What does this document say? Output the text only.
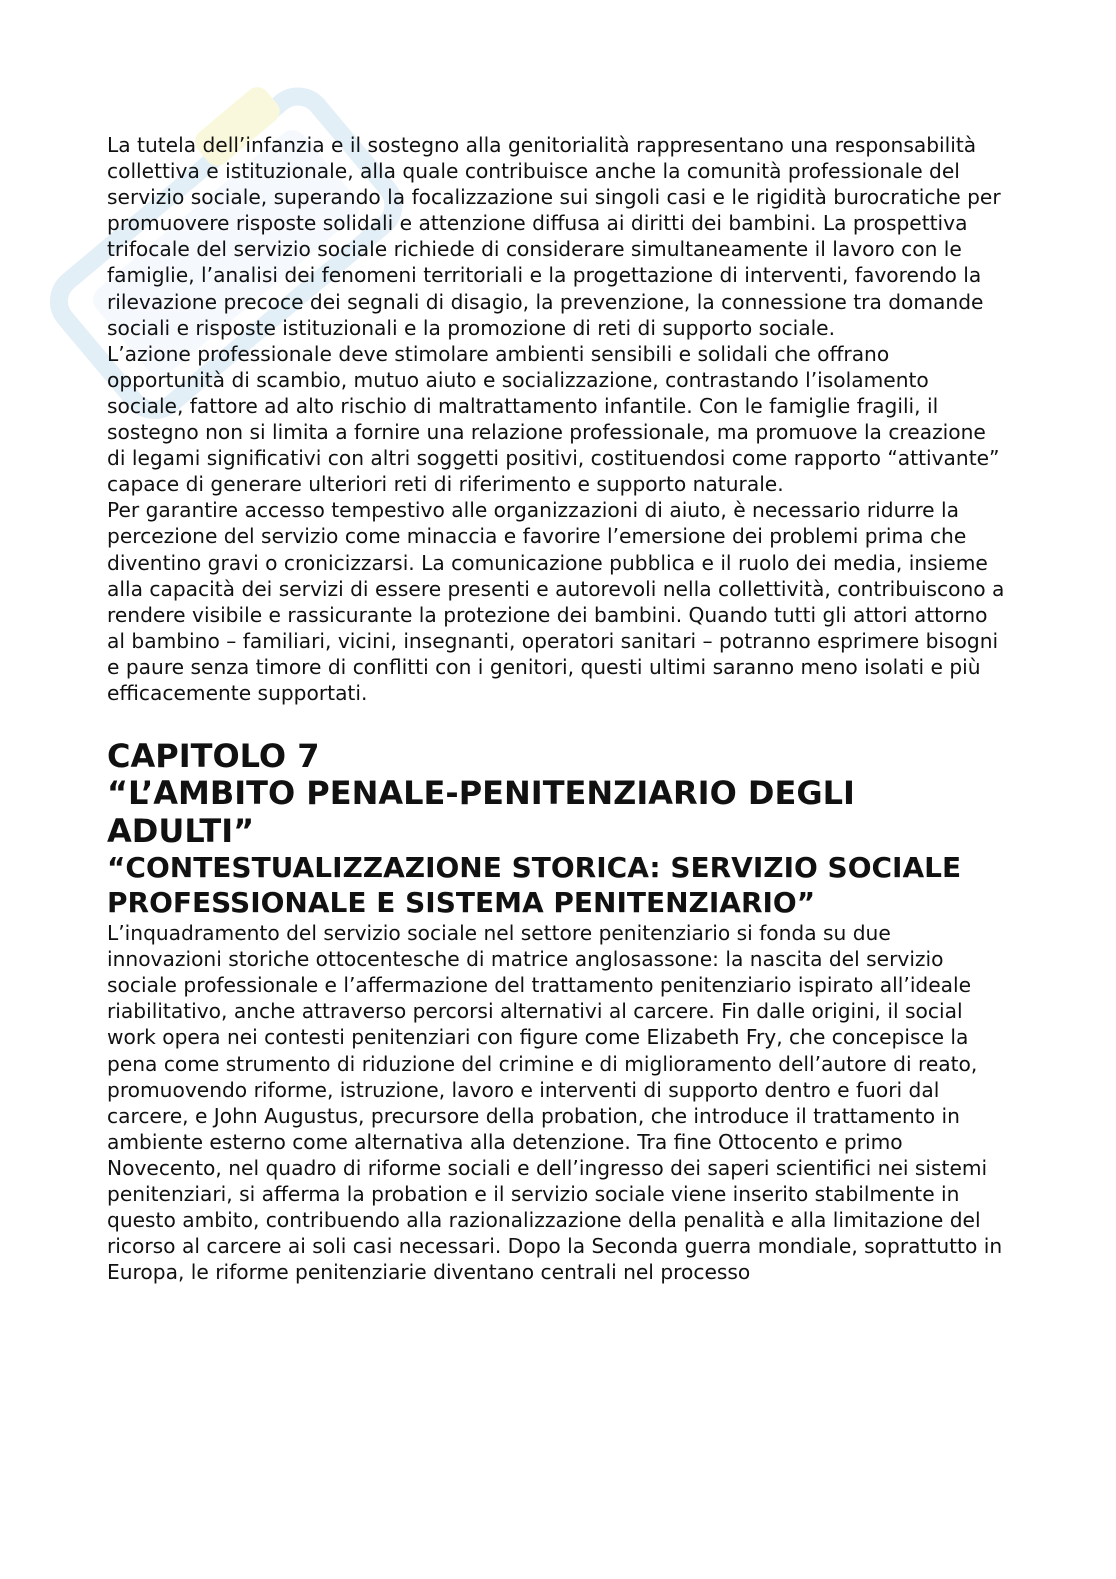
La tutela dell’infanzia e il sostegno alla genitorialità rappresentano una responsabilità collettiva e istituzionale, alla quale contribuisce anche la comunità professionale del servizio sociale, superando la focalizzazione sui singoli casi e le rigidità burocratiche per promuovere risposte solidali e attenzione diffusa ai diritti dei bambini. La prospettiva trifocale del servizio sociale richiede di considerare simultaneamente il lavoro con le famiglie, l’analisi dei fenomeni territoriali e la progettazione di interventi, favorendo la rilevazione precoce dei segnali di disagio, la prevenzione, la connessione tra domande sociali e risposte istituzionali e la promozione di reti di supporto sociale.

L’azione professionale deve stimolare ambienti sensibili e solidali che offrano opportunità di scambio, mutuo aiuto e socializzazione, contrastando l’isolamento sociale, fattore ad alto rischio di maltrattamento infantile. Con le famiglie fragili, il sostegno non si limita a fornire una relazione professionale, ma promuove la creazione di legami significativi con altri soggetti positivi, costituendosi come rapporto “attivante” capace di generare ulteriori reti di riferimento e supporto naturale.

Per garantire accesso tempestivo alle organizzazioni di aiuto, è necessario ridurre la percezione del servizio come minaccia e favorire l’emersione dei problemi prima che diventino gravi o cronicizzarsi. La comunicazione pubblica e il ruolo dei media, insieme alla capacità dei servizi di essere presenti e autorevoli nella collettività, contribuiscono a rendere visibile e rassicurante la protezione dei bambini. Quando tutti gli attori attorno al bambino – familiari, vicini, insegnanti, operatori sanitari – potranno esprimere bisogni e paure senza timore di conflitti con i genitori, questi ultimi saranno meno isolati e più efficacemente supportati.

CAPITOLO 7
“L’AMBITO PENALE-PENITENZIARIO DEGLI ADULTI”
“CONTESTUALIZZAZIONE STORICA: SERVIZIO SOCIALE PROFESSIONALE E SISTEMA PENITENZIARIO”

L’inquadramento del servizio sociale nel settore penitenziario si fonda su due innovazioni storiche ottocentesche di matrice anglosassone: la nascita del servizio sociale professionale e l’affermazione del trattamento penitenziario ispirato all’ideale riabilitativo, anche attraverso percorsi alternativi al carcere. Fin dalle origini, il social work opera nei contesti penitenziari con figure come Elizabeth Fry, che concepisce la pena come strumento di riduzione del crimine e di miglioramento dell’autore di reato, promuovendo riforme, istruzione, lavoro e interventi di supporto dentro e fuori dal carcere, e John Augustus, precursore della probation, che introduce il trattamento in ambiente esterno come alternativa alla detenzione. Tra fine Ottocento e primo Novecento, nel quadro di riforme sociali e dell’ingresso dei saperi scientifici nei sistemi penitenziari, si afferma la probation e il servizio sociale viene inserito stabilmente in questo ambito, contribuendo alla razionalizzazione della penalità e alla limitazione del ricorso al carcere ai soli casi necessari. Dopo la Seconda guerra mondiale, soprattutto in Europa, le riforme penitenziarie diventano centrali nel processo
